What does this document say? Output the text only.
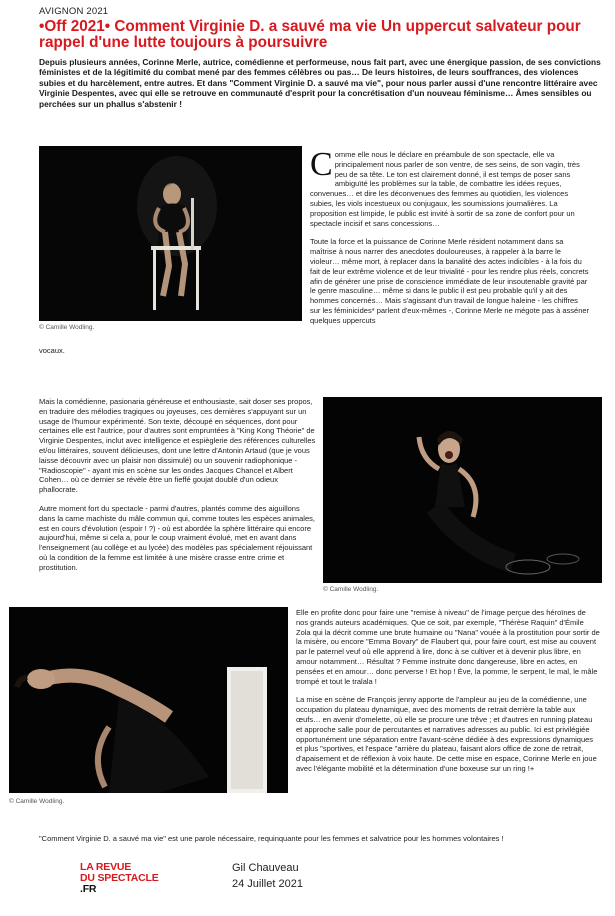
AVIGNON 2021
•Off 2021• Comment Virginie D. a sauvé ma vie Un uppercut salvateur pour rappel d'une lutte toujours à poursuivre
Depuis plusieurs années, Corinne Merle, autrice, comédienne et performeuse, nous fait part, avec une énergique passion, de ses convictions féministes et de la légitimité du combat mené par des femmes célèbres ou pas… De leurs histoires, de leurs souffrances, des violences subies et du harcèlement, entre autres. Et dans "Comment Virginie D. a sauvé ma vie", pour nous parler aussi d'une rencontre littéraire avec Virginie Despentes, avec qui elle se retrouve en communauté d'esprit pour la concrétisation d'un nouveau féminisme… Âmes sensibles ou perchées sur un phallus s'abstenir !
© Camille Wodling.
C omme elle nous le déclare en préambule de son spectacle, elle va principalement nous parler de son ventre, de ses seins, de son vagin, très peu de sa tête. Le ton est clairement donné, il est temps de poser sans ambiguïté les problèmes sur la table, de combattre les idées reçues, convenues… et dire les déconvenues des femmes au quotidien, les violences subies, les viols incestueux ou conjugaux, les soumissions journalières. La proposition est limpide, le public est invité à sortir de sa zone de confort pour un spectacle incisif et sans concessions…
Toute la force et la puissance de Corinne Merle résident notamment dans sa maîtrise à nous narrer des anecdotes douloureuses, à rappeler à la barre le violeur… même mort, à replacer dans la banalité des actes indicibles - à la fois du fait de leur extrême violence et de leur trivialité - pour les rendre plus réels, concrets afin de générer une prise de conscience immédiate de leur insoutenable gravité par le genre masculine… même si dans le public il est peu probable qu'il y ait des hommes concernés… Mais s'agissant d'un travail de longue haleine - les chiffres sur les féminicides* parlent d'eux-mêmes -, Corinne Merle ne mégote pas à asséner quelques uppercuts
vocaux.
Mais la comédienne, pasionaria généreuse et enthousiaste, sait doser ses propos, en traduire des mélodies tragiques ou joyeuses, ces dernières s'appuyant sur un usage de l'humour expérimenté. Son texte, découpé en séquences, dont pour certaines elle est l'autrice, pour d'autres sont empruntées à "King Kong Théorie" de Virginie Despentes, inclut avec intelligence et espièglerie des références culturelles et/ou littéraires, souvent délicieuses, dont une lettre d'Antonin Artaud (que je vous laisse découvrir avec un plaisir non dissimulé) ou un souvenir radiophonique - "Radioscopie" - ayant mis en scène sur les ondes Jacques Chancel et Albert Cohen… où ce dernier se révèle être un fieffé goujat doublé d'un odieux phallocrate.
Autre moment fort du spectacle - parmi d'autres, plantés comme des aiguillons dans la carne machiste du mâle commun qui, comme toutes les espèces animales, est en cours d'évolution (espoir ! ?) - où est abordée la sphère littéraire qui encore aujourd'hui, même si cela a, pour le coup vraiment évolué, met en avant dans l'enseignement (au collège et au lycée) des modèles pas spécialement réjouissant où la condition de la femme est limitée à une misère crasse entre crime et prostitution.
© Camille Wodling.
© Camille Wodling.
Elle en profite donc pour faire une "remise à niveau" de l'image perçue des héroïnes de nos grands auteurs académiques. Que ce soit, par exemple, "Thérèse Raquin" d'Émile Zola qui la décrit comme une brute humaine ou "Nana" vouée à la prostitution pour sortir de la misère, ou encore "Emma Bovary" de Flaubert qui, pour faire court, est mise au couvent par le paternel veuf où elle apprend à lire, donc à se cultiver et à devenir plus libre, en amour notamment… Résultat ? Femme instruite donc dangereuse, libre en actes, en pensées et en amour… donc perverse ! Et hop ! Ève, la pomme, le serpent, le mal, le mâle trompé et tout le tralala !
La mise en scène de François jenny apporte de l'ampleur au jeu de la comédienne, une occupation du plateau dynamique, avec des moments de retrait derrière la table aux œufs… en avenir d'omelette, où elle se procure une trêve ; et d'autres en running plateau et approche salle pour de percutantes et narratives adresses au public. Ici est privilégiée opportunément une séparation entre l'avant-scène dédiée à des expressions dynamiques et plus "sportives, et l'espace "arrière du plateau, faisant alors office de zone de retrait, d'apaisement et de réflexion à voix haute. De cette mise en espace, Corinne Merle en joue avec l'élégante mobilité et la détermination d'une boxeuse sur un ring !+
"Comment Virginie D. a sauvé ma vie" est une parole nécessaire, requinquante pour les femmes et salvatrice pour les hommes volontaires !
LA REVUE
DU SPECTACLE
.FR
Gil Chauveau
24 Juillet 2021
